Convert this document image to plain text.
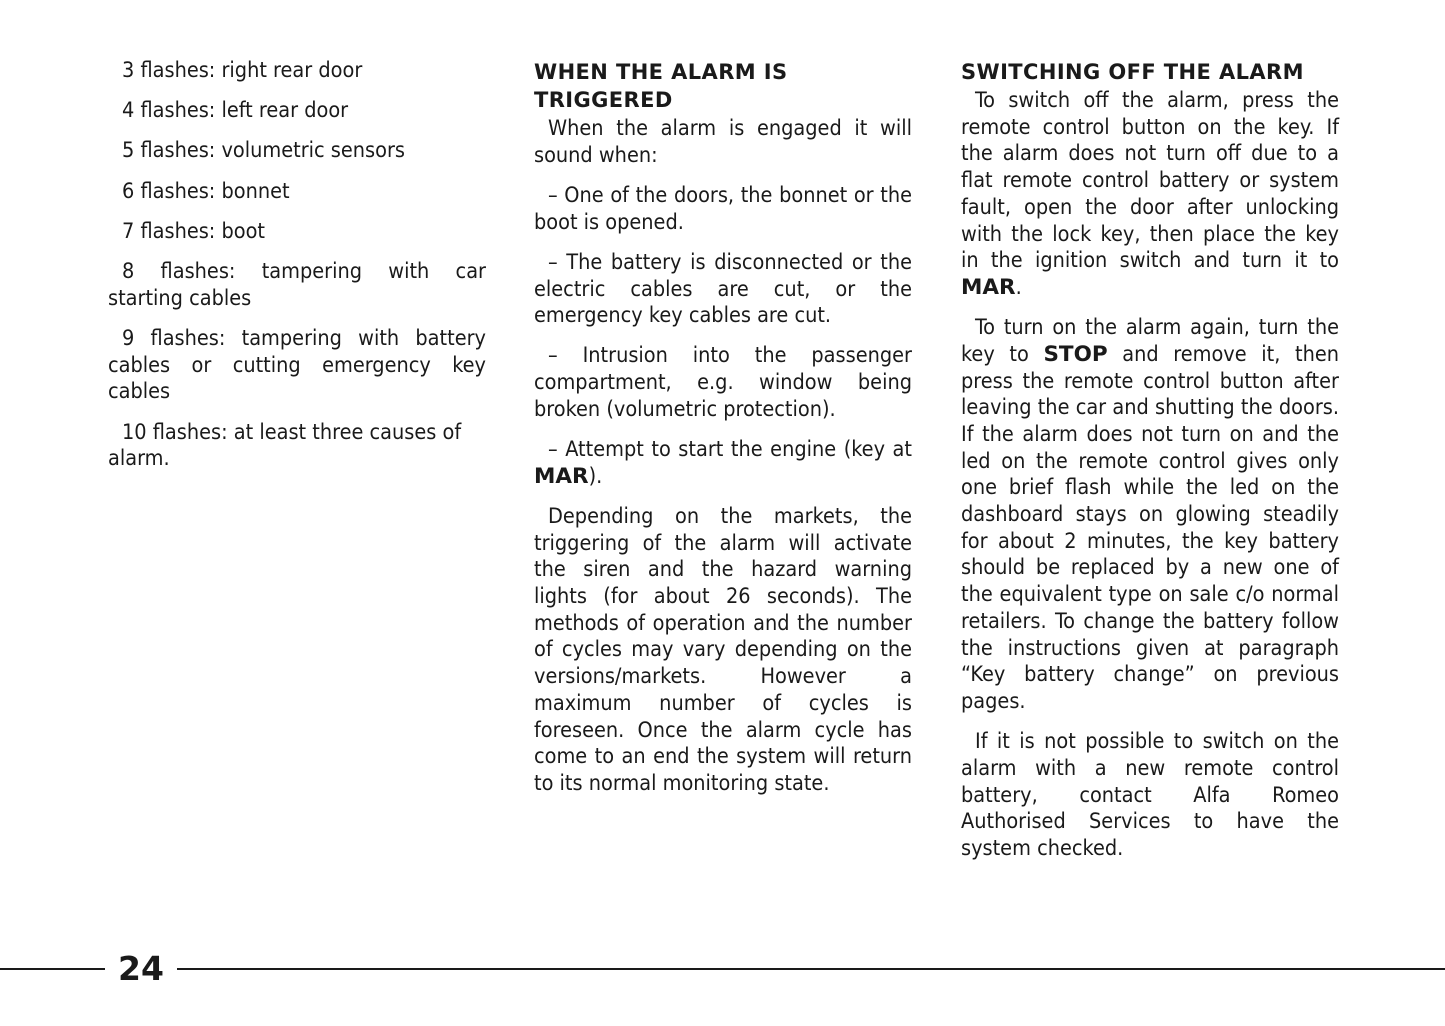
3 flashes: right rear door

4 flashes: left rear door

5 flashes: volumetric sensors

6 flashes: bonnet

7 flashes: boot

8 flashes: tampering with car starting cables

9 flashes: tampering with battery cables or cutting emergency key cables

10 flashes: at least three causes of alarm.

WHEN THE ALARM IS TRIGGERED

When the alarm is engaged it will sound when:

– One of the doors, the bonnet or the boot is opened.

– The battery is disconnected or the electric cables are cut, or the emergency key cables are cut.

– Intrusion into the passenger compartment, e.g. window being broken (volumetric protection).

– Attempt to start the engine (key at MAR).

Depending on the markets, the triggering of the alarm will activate the siren and the hazard warning lights (for about 26 seconds). The methods of operation and the number of cycles may vary depending on the versions/markets. However a maximum number of cycles is foreseen. Once the alarm cycle has come to an end the system will return to its normal monitoring state.

SWITCHING OFF THE ALARM

To switch off the alarm, press the remote control button on the key. If the alarm does not turn off due to a flat remote control battery or system fault, open the door after unlocking with the lock key, then place the key in the ignition switch and turn it to MAR.

To turn on the alarm again, turn the key to STOP and remove it, then press the remote control button after leaving the car and shutting the doors. If the alarm does not turn on and the led on the remote control gives only one brief flash while the led on the dashboard stays on glowing steadily for about 2 minutes, the key battery should be replaced by a new one of the equivalent type on sale c/o normal retailers. To change the battery follow the instructions given at paragraph “Key battery change” on previous pages.

If it is not possible to switch on the alarm with a new remote control battery, contact Alfa Romeo Authorised Services to have the system checked.

24
